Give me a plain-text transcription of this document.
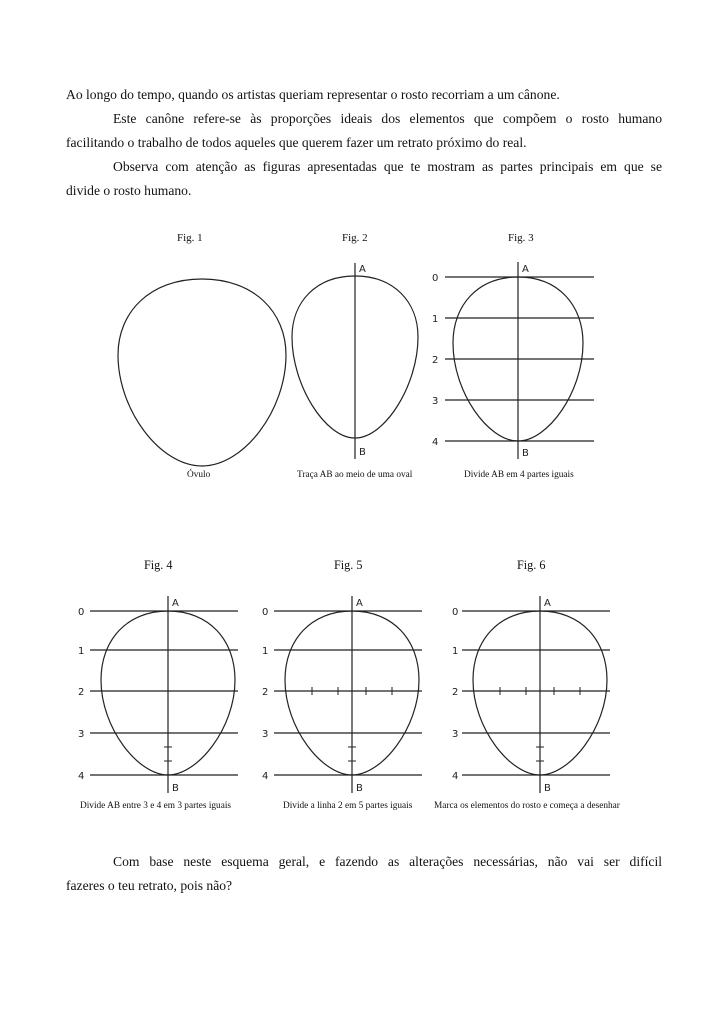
Ao longo do tempo, quando os artistas queriam representar o rosto recorriam a um cânone.

Este canône refere-se às proporções ideais dos elementos que compõem o rosto humano

facilitando o trabalho de todos aqueles que querem fazer um retrato próximo do real.

Observa com atenção as figuras apresentadas que te mostram as partes principais em que se

divide o rosto humano.

Fig. 1	Fig. 2	Fig. 3
Fig. 4	Fig. 5	Fig. 6
A
B
A
B
A
B
A
B
A
B
0
1
2
3
4
0
1
2
3
4
0
1
2
3
4
0
1
2
3
4
Óvulo	Traça AB ao meio de uma oval	Divide AB em 4 partes iguais
Divide AB entre 3 e 4 em 3 partes iguais	Divide a linha 2 em 5 partes iguais Marca os elementos do rosto e começa a desenhar

Com base neste esquema geral, e fazendo as alterações necessárias, não vai ser difícil

fazeres o teu retrato, pois não?
